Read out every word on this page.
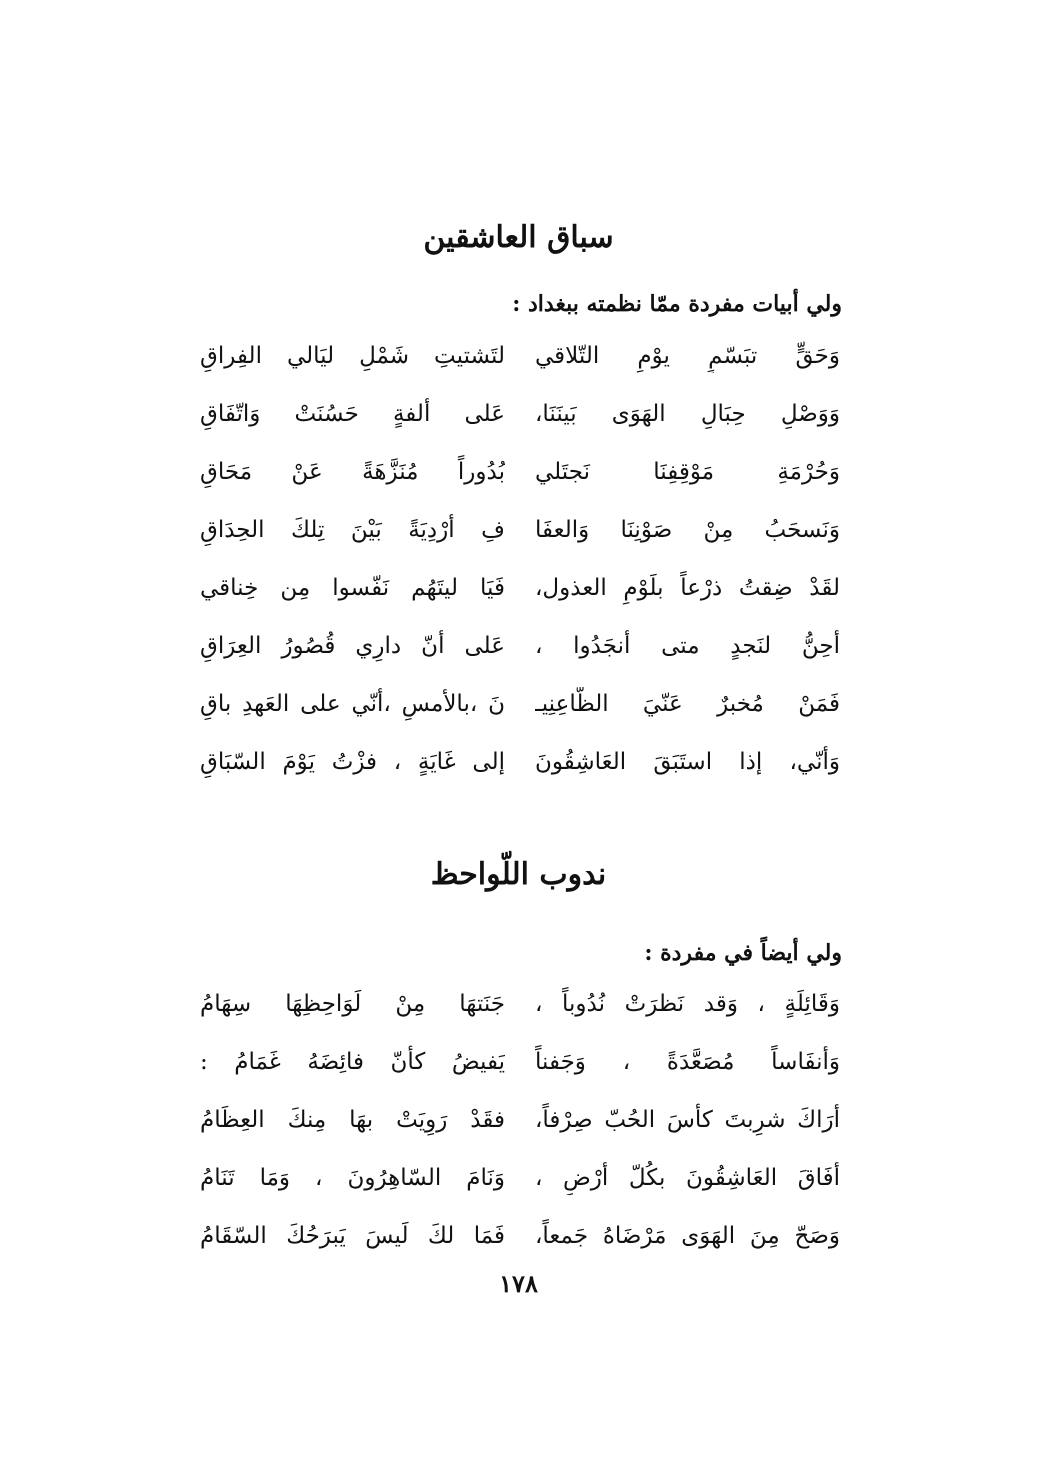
سباق العاشقين
ولي أبيات مفردة ممّا نظمته ببغداد :
وَحَقٍّ تبَسّمٍ يوْمِ التّلاقي
لتَشتيتِ شَمْلِ ليَالي الفِراقِ
وَوَصْلِ حِبَالِ الهَوَى بَينَنَا،
عَلى ألفةٍ حَسُنَتْ وَاتّفَاقِ
وَحُرْمَةِ مَوْقِفِنَا نَجتَلي
بُدُوراً مُنَزَّهَةً عَنْ مَحَاقِ
وَنَسحَبُ مِنْ صَوْنِنَا وَالعفَا
فِ أرْدِيَةً بَيْنَ تِلكَ الحِدَاقِ
لقَدْ ضِقتُ ذرْعاً بلَوْمِ العذول،
فَيَا ليتَهُم نَفّسوا مِن خِناقي
أحِنُّ لنَجدٍ متى أنجَدُوا ،
عَلى أنّ دارِي قُصُورُ العِرَاقِ
فَمَنْ مُخبرٌ عَنّيَ الظّاعِنِيـ
نَ ،بالأمسِ ،أنّي على العَهدِ باقِ
وَأنّي، إذا استَبَقَ العَاشِقُونَ
إلى غَايَةٍ ، فزْتُ يَوْمَ السّبَاقِ
ندوب اللّواحظ
ولي أيضاً في مفردة :
وَقَائِلَةٍ ، وَقد نَظرَتْ نُدُوباً ،
جَنَتهَا مِنْ لَوَاحِظِهَا سِهَامُ
وَأنفَاساً مُصَعَّدَةً ، وَجَفناً
يَفيضُ كأنّ فائِضَهُ غَمَامُ :
أرَاكَ شرِبتَ كأسَ الحُبّ صِرْفاً،
فقَدْ رَوِيَتْ بهَا مِنكَ العِظَامُ
أفَاقَ العَاشِقُونَ بكُلّ أرْضٍ ،
وَنَامَ السّاهِرُونَ ، وَمَا تَنَامُ
وَصَحّ مِنَ الهَوَى مَرْضَاهُ جَمعاً،
فَمَا لكَ لَيسَ يَبرَحُكَ السّقَامُ
١٧٨
